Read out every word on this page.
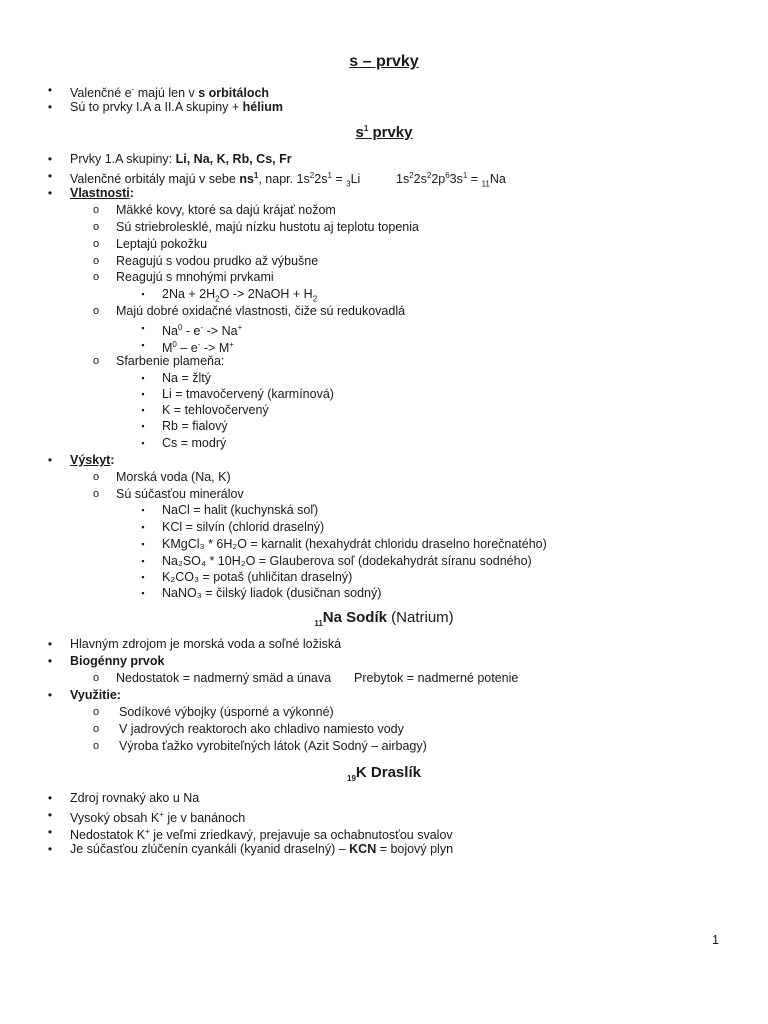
s – prvky
• Valenčné e- majú len v s orbitáloch
• Sú to prvky I.A a II.A skupiny + hélium
$s^1$ prvky
• Prvky 1.A skupiny: Li, Na, K, Rb, Cs, Fr
• Valenčné orbitály majú v sebe $ns^1$, napr. $1s^22s^1 = _3Li$	$1s^22s^22p^63s^1 = _{11}Na$
• Vlastnosti:
o Mäkké kovy, ktoré sa dajú krájať nožom
o Sú striebrolesklé, majú nízku hustotu aj teplotu topenia
o Leptajú pokožku
o Reagujú s vodou prudko až výbušne
o Reagujú s mnohými prvkami
▪ $2Na + 2H_2O$ -> 2NaOH + $H_2$
o Majú dobré oxidačné vlastnosti, čiže sú redukovadlá
▪ Na$^0$ - e- -> Na+
▪ $M^0 - e^- -> M^+$
o Sfarbenie plameňa:
▪ Na = žltý
▪ Li = tmavočervený (karmínová)
▪ K = tehlovočervený
▪ Rb = fialový
▪ Cs = modrý
• Výskyt:
o Morská voda (Na, K)
o Sú súčasťou minerálov
▪ NaCl = halit (kuchynská soľ)
▪ KCl = silvín (chlorid draselný)
▪ KMgCl₃ * 6H₂O = karnalit (hexahydrát chloridu draselno horečnatého)
▪ Na₂SO₄ * 10H₂O = Glauberova soľ (dodekahydrát síranu sodného)
▪ K₂CO₃ = potaš (uhličitan draselný)
▪ NaNO₃ = čilský liadok (dusičnan sodný)
$_{11}$Na Sodík (Natrium)
• Hlavným zdrojom je morská voda a soľné ložiská
• Biogénny prvok
o Nedostatok = nadmerný smäd a únava Prebytok = nadmerné potenie
• Využitie:
o Sodíkové výbojky (úsporné a výkonné)
o V jadrových reaktoroch ako chladivo namiesto vody
o Výroba ťažko vyrobiteľných látok (Azit Sodný – airbagy)
$_{19}$K Draslík
• Zdroj rovnaký ako u Na
• Vysoký obsah K+ je v banánoch
• Nedostatok K+ je veľmi zriedkavý, prejavuje sa ochabnutosťou svalov
• Je súčasťou zlúčenín cyankáli (kyanid draselný) – KCN = bojový plyn
1
